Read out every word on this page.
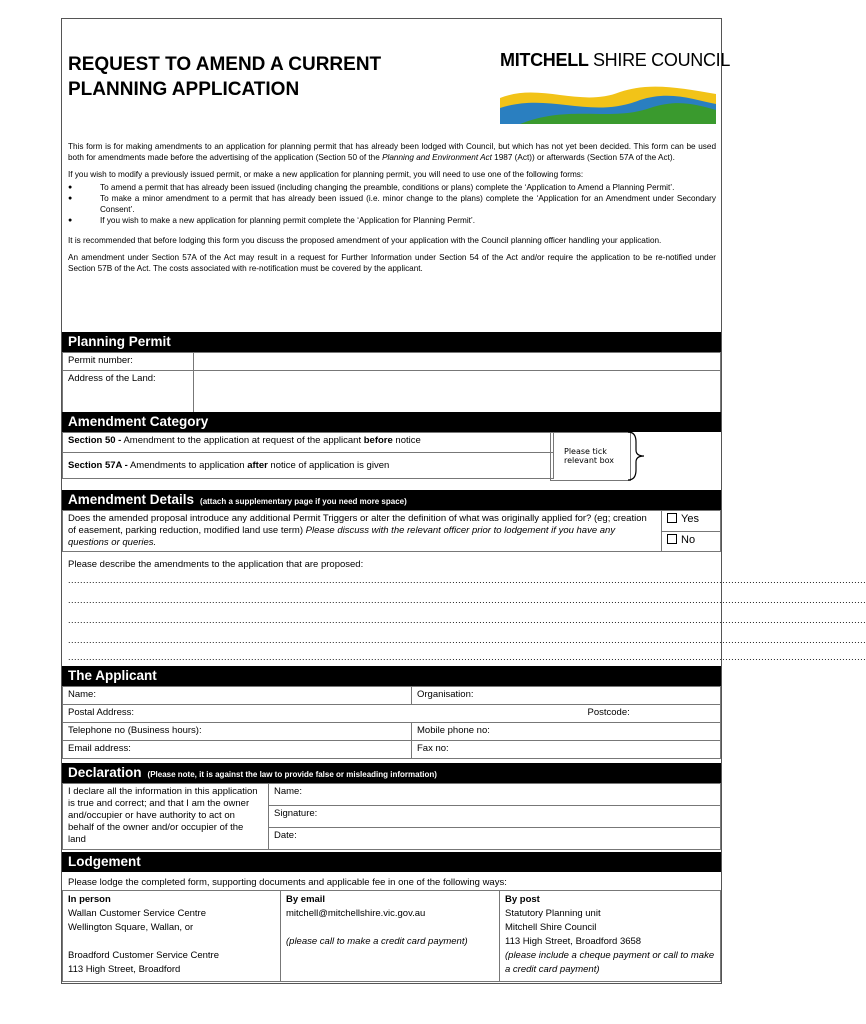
REQUEST TO AMEND A CURRENT
PLANNING APPLICATION
MITCHELL SHIRE COUNCIL

This form is for making amendments to an application for planning permit that has already been lodged with Council, but which has not yet been decided. This form can be used both for amendments made before the advertising of the application (Section 50 of the Planning and Environment Act 1987 (Act)) or afterwards (Section 57A of the Act).

If you wish to modify a previously issued permit, or make a new application for planning permit, you will need to use one of the following forms:

● To amend a permit that has already been issued (including changing the preamble, conditions or plans) complete the ‘Application to Amend a Planning Permit’.
● To make a minor amendment to a permit that has already been issued (i.e. minor change to the plans) complete the ‘Application for an Amendment under Secondary Consent’.
● If you wish to make a new application for planning permit complete the ‘Application for Planning Permit’.

It is recommended that before lodging this form you discuss the proposed amendment of your application with the Council planning officer handling your application.

An amendment under Section 57A of the Act may result in a request for Further Information under Section 54 of the Act and/or require the application to be re-notified under Section 57B of the Act. The costs associated with re-notification must be covered by the applicant.

Planning Permit
Permit number:	
Address of the Land:	
Amendment Category
Section 50 - Amendment to the application at request of the applicant before notice	
Please tick
relevant box

Section 57A - Amendments to application after notice of application is given
Amendment Details (attach a supplementary page if you need more space)
Does the amended proposal introduce any additional Permit Triggers or alter the definition of what was originally applied for? (eg; creation of easement, parking reduction, modified land use term) Please discuss with the relevant officer prior to lodgement if you have any questions or queries.	Yes
No
Please describe the amendments to the application that are proposed:
..........................................................................................................................................................................................................................................................................
..........................................................................................................................................................................................................................................................................
..........................................................................................................................................................................................................................................................................
..........................................................................................................................................................................................................................................................................
..........................................................................................................................................................................................................................................................................
The Applicant
Name:	Organisation:
Postal Address: Postcode:	

Telephone no (Business hours):	Mobile phone no:
Email address:	Fax no:
Declaration (Please note, it is against the law to provide false or misleading information)
I declare all the information in this application is true and correct; and that I am the owner and/occupier or have authority to act on behalf of the owner and/or occupier of the land	Name:
Signature:
Date:
Lodgement
Please lodge the completed form, supporting documents and applicable fee in one of the following ways:
In person
Wallan Customer Service Centre
Wellington Square, Wallan, or

Broadford Customer Service Centre
113 High Street, Broadford	By email
mitchell@mitchellshire.vic.gov.au

(please call to make a credit card payment)	By post
Statutory Planning unit
Mitchell Shire Council
113 High Street, Broadford 3658
(please include a cheque payment or call to make a credit card payment)
